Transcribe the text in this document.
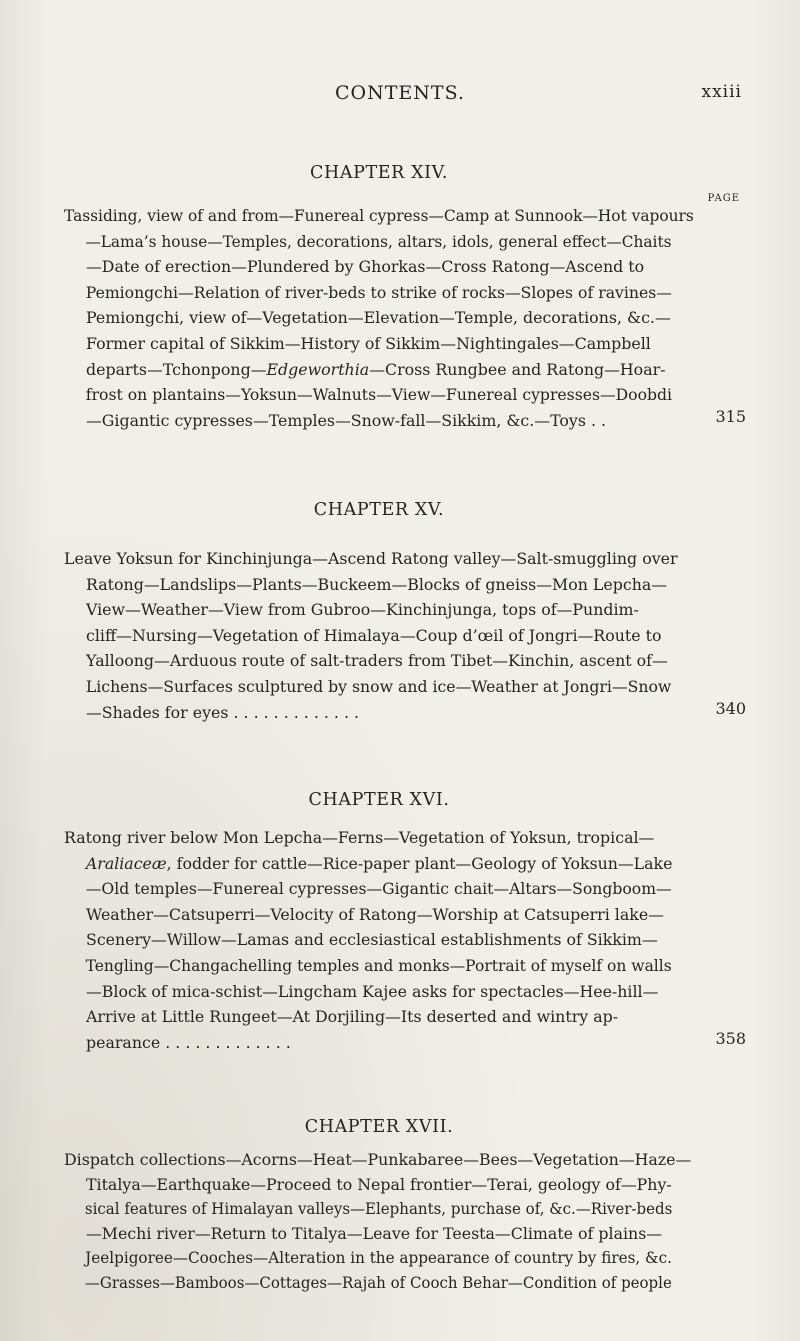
CONTENTS.	xxiii
CHAPTER XIV.
PAGE

Tassiding, view of and from—Funereal cypress—Camp at Sunnook—Hot vapours
—Lama’s house—Temples, decorations, altars, idols, general effect—Chaits
—Date of erection—Plundered by Ghorkas—Cross Ratong—Ascend to
Pemiongchi—Relation of river-beds to strike of rocks—Slopes of ravines—
Pemiongchi, view of—Vegetation—Elevation—Temple, decorations, &c.—
Former capital of Sikkim—History of Sikkim—Nightingales—Campbell
departs—Tchonpong—Edgeworthia—Cross Rungbee and Ratong—Hoar-
frost on plantains—Yoksun—Walnuts—View—Funereal cypresses—Doobdi
—Gigantic cypresses—Temples—Snow-fall—Sikkim, &c.—Toys . .	315
CHAPTER XV.

Leave Yoksun for Kinchinjunga—Ascend Ratong valley—Salt-smuggling over
Ratong—Landslips—Plants—Buckeem—Blocks of gneiss—Mon Lepcha—
View—Weather—View from Gubroo—Kinchinjunga, tops of—Pundim-
cliff—Nursing—Vegetation of Himalaya—Coup d’œil of Jongri—Route to
Yalloong—Arduous route of salt-traders from Tibet—Kinchin, ascent of—
Lichens—Surfaces sculptured by snow and ice—Weather at Jongri—Snow
—Shades for eyes . . . . . . . . . . . . .	340
CHAPTER XVI.

Ratong river below Mon Lepcha—Ferns—Vegetation of Yoksun, tropical—
Araliaceæ, fodder for cattle—Rice-paper plant—Geology of Yoksun—Lake
—Old temples—Funereal cypresses—Gigantic chait—Altars—Songboom—
Weather—Catsuperri—Velocity of Ratong—Worship at Catsuperri lake—
Scenery—Willow—Lamas and ecclesiastical establishments of Sikkim—
Tengling—Changachelling temples and monks—Portrait of myself on walls
—Block of mica-schist—Lingcham Kajee asks for spectacles—Hee-hill—
Arrive at Little Rungeet—At Dorjiling—Its deserted and wintry ap-
pearance . . . . . . . . . . . . .	358
CHAPTER XVII.

Dispatch collections—Acorns—Heat—Punkabaree—Bees—Vegetation—Haze—
Titalya—Earthquake—Proceed to Nepal frontier—Terai, geology of—Phy-
sical features of Himalayan valleys—Elephants, purchase of, &c.—River-beds
—Mechi river—Return to Titalya—Leave for Teesta—Climate of plains—
Jeelpigoree—Cooches—Alteration in the appearance of country by fires, &c.
—Grasses—Bamboos—Cottages—Rajah of Cooch Behar—Condition of people
